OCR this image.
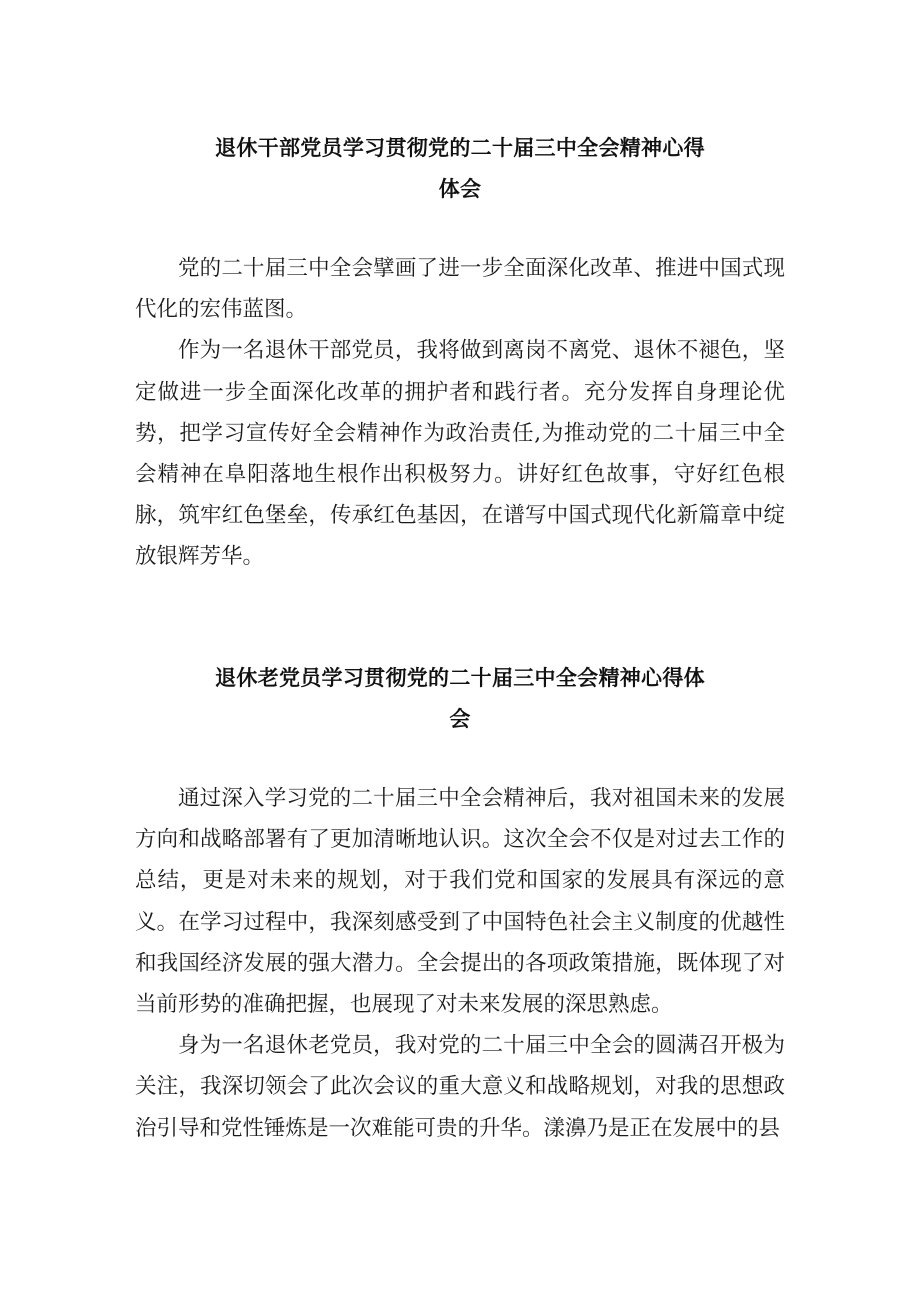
退休干部党员学习贯彻党的二十届三中全会精神心得
体会

党的二十届三中全会擘画了进一步全面深化改革、推进中国式现代化的宏伟蓝图。

作为一名退休干部党员，我将做到离岗不离党、退休不褪色，坚定做进一步全面深化改革的拥护者和践行者。充分发挥自身理论优势，把学习宣传好全会精神作为政治责任,为推动党的二十届三中全会精神在阜阳落地生根作出积极努力。讲好红色故事，守好红色根脉，筑牢红色堡垒，传承红色基因，在谱写中国式现代化新篇章中绽放银辉芳华。

退休老党员学习贯彻党的二十届三中全会精神心得体
会

通过深入学习党的二十届三中全会精神后，我对祖国未来的发展方向和战略部署有了更加清晰地认识。这次全会不仅是对过去工作的总结，更是对未来的规划，对于我们党和国家的发展具有深远的意义。在学习过程中，我深刻感受到了中国特色社会主义制度的优越性和我国经济发展的强大潜力。全会提出的各项政策措施，既体现了对当前形势的准确把握，也展现了对未来发展的深思熟虑。

身为一名退休老党员，我对党的二十届三中全会的圆满召开极为关注，我深切领会了此次会议的重大意义和战略规划，对我的思想政治引导和党性锤炼是一次难能可贵的升华。漾濞乃是正在发展中的县
